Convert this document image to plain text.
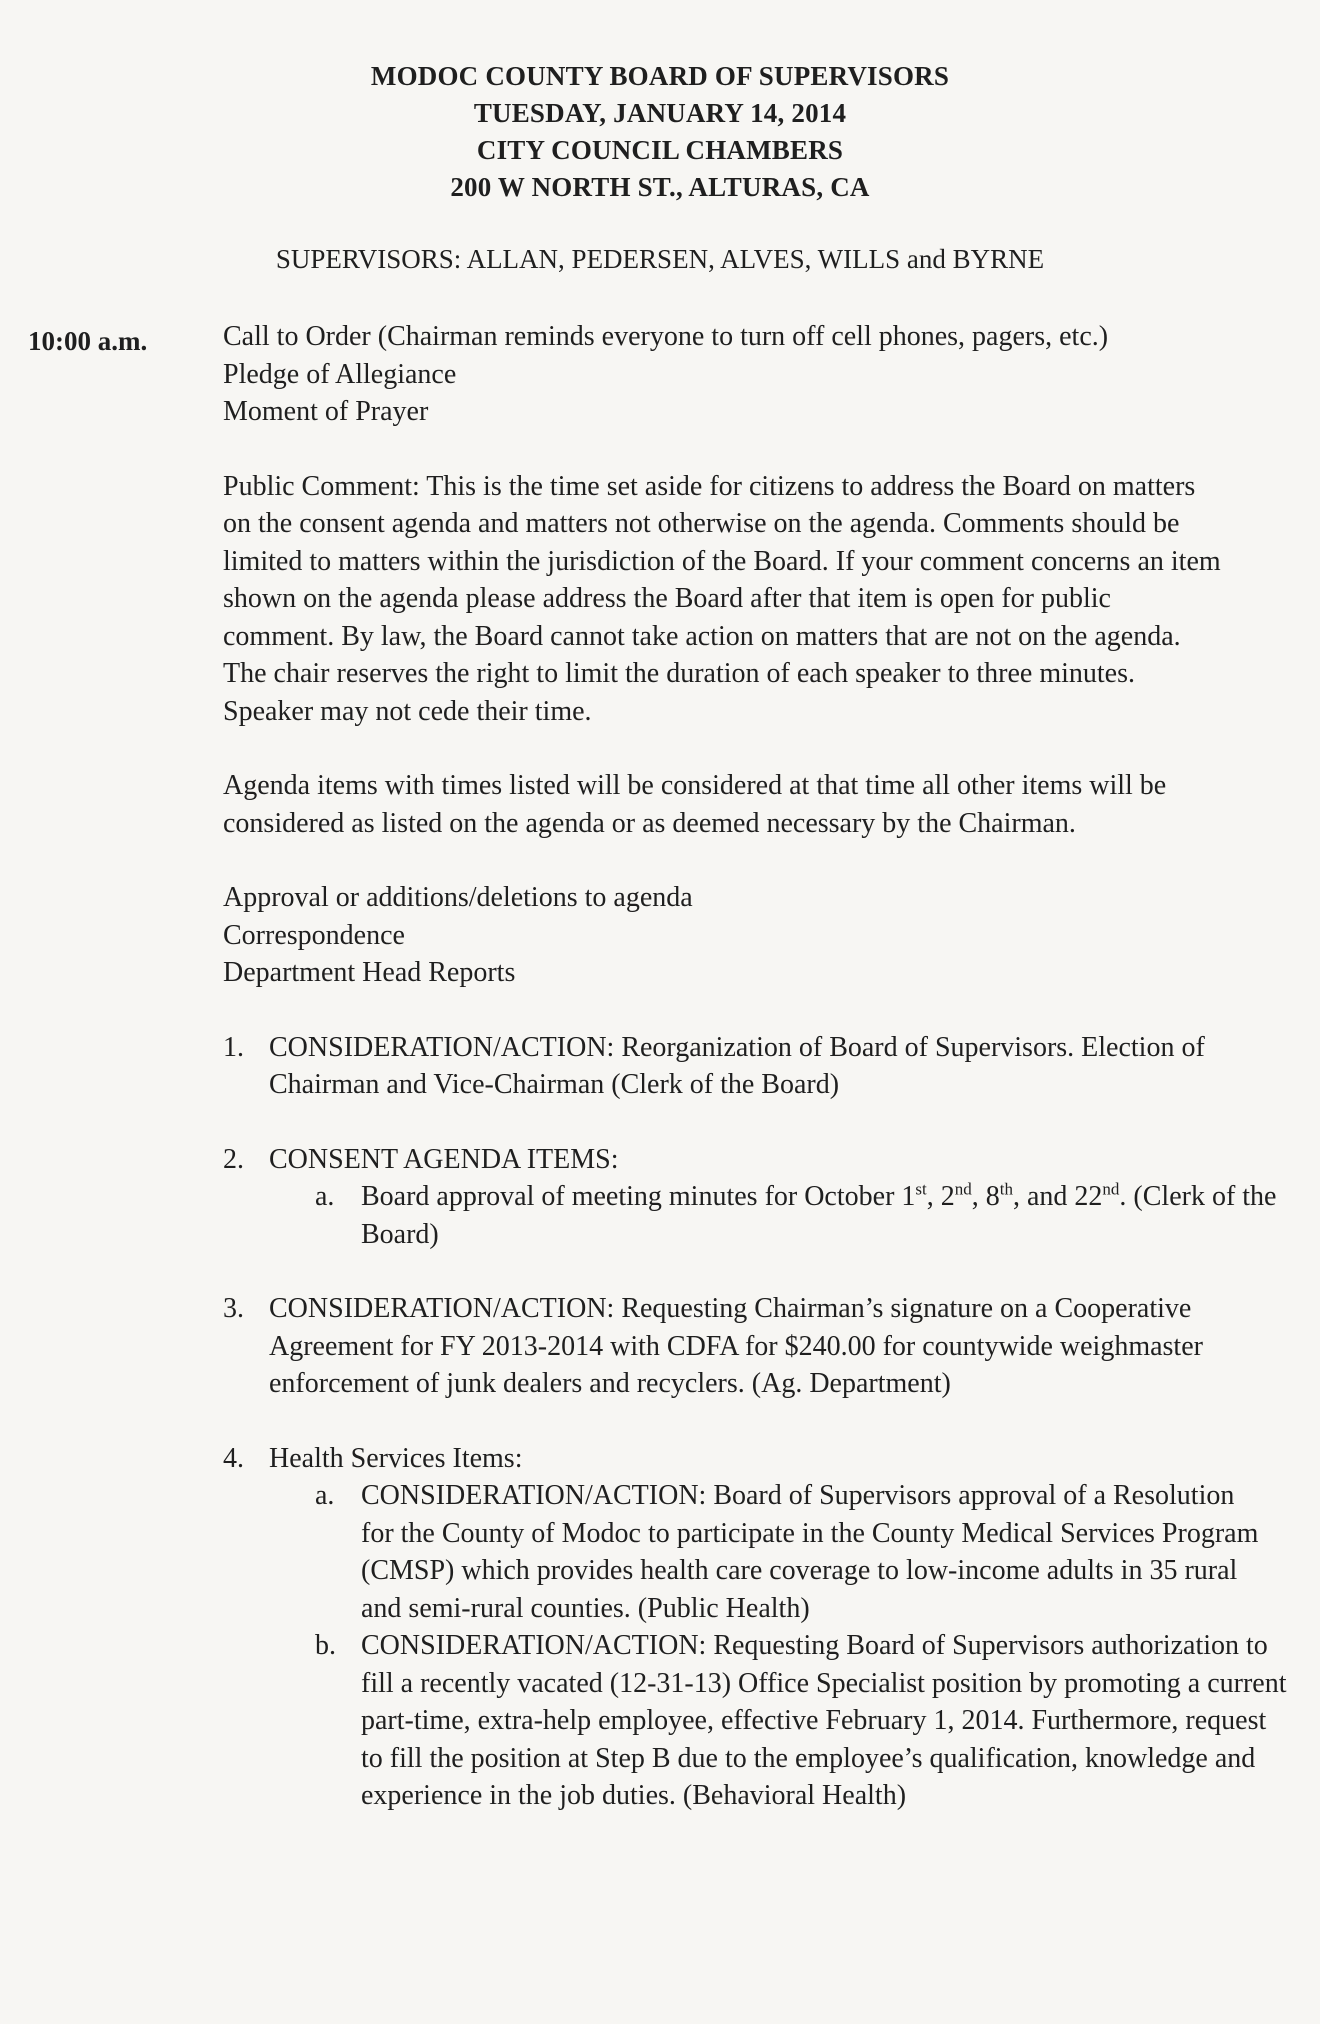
MODOC COUNTY BOARD OF SUPERVISORS
TUESDAY, JANUARY 14, 2014
CITY COUNCIL CHAMBERS
200 W NORTH ST., ALTURAS, CA
SUPERVISORS: ALLAN, PEDERSEN, ALVES, WILLS and BYRNE
10:00 a.m.	Call to Order (Chairman reminds everyone to turn off cell phones, pagers, etc.)

Pledge of Allegiance

Moment of Prayer

Public Comment: This is the time set aside for citizens to address the Board on matters on the consent agenda and matters not otherwise on the agenda. Comments should be limited to matters within the jurisdiction of the Board. If your comment concerns an item shown on the agenda please address the Board after that item is open for public comment. By law, the Board cannot take action on matters that are not on the agenda. The chair reserves the right to limit the duration of each speaker to three minutes. Speaker may not cede their time.

Agenda items with times listed will be considered at that time all other items will be considered as listed on the agenda or as deemed necessary by the Chairman.

Approval or additions/deletions to agenda

Correspondence

Department Head Reports

1. CONSIDERATION/ACTION: Reorganization of Board of Supervisors. Election of Chairman and Vice-Chairman (Clerk of the Board)
2. CONSENT AGENDA ITEMS:
a. Board approval of meeting minutes for October 1st, 2nd, 8th, and 22nd. (Clerk of the Board)
3. CONSIDERATION/ACTION: Requesting Chairman’s signature on a Cooperative Agreement for FY 2013-2014 with CDFA for $240.00 for countywide weighmaster enforcement of junk dealers and recyclers. (Ag. Department)
4. Health Services Items:
a. CONSIDERATION/ACTION: Board of Supervisors approval of a Resolution for the County of Modoc to participate in the County Medical Services Program (CMSP) which provides health care coverage to low-income adults in 35 rural and semi-rural counties. (Public Health)
b. CONSIDERATION/ACTION: Requesting Board of Supervisors authorization to fill a recently vacated (12-31-13) Office Specialist position by promoting a current part-time, extra-help employee, effective February 1, 2014. Furthermore, request to fill the position at Step B due to the employee’s qualification, knowledge and experience in the job duties. (Behavioral Health)
